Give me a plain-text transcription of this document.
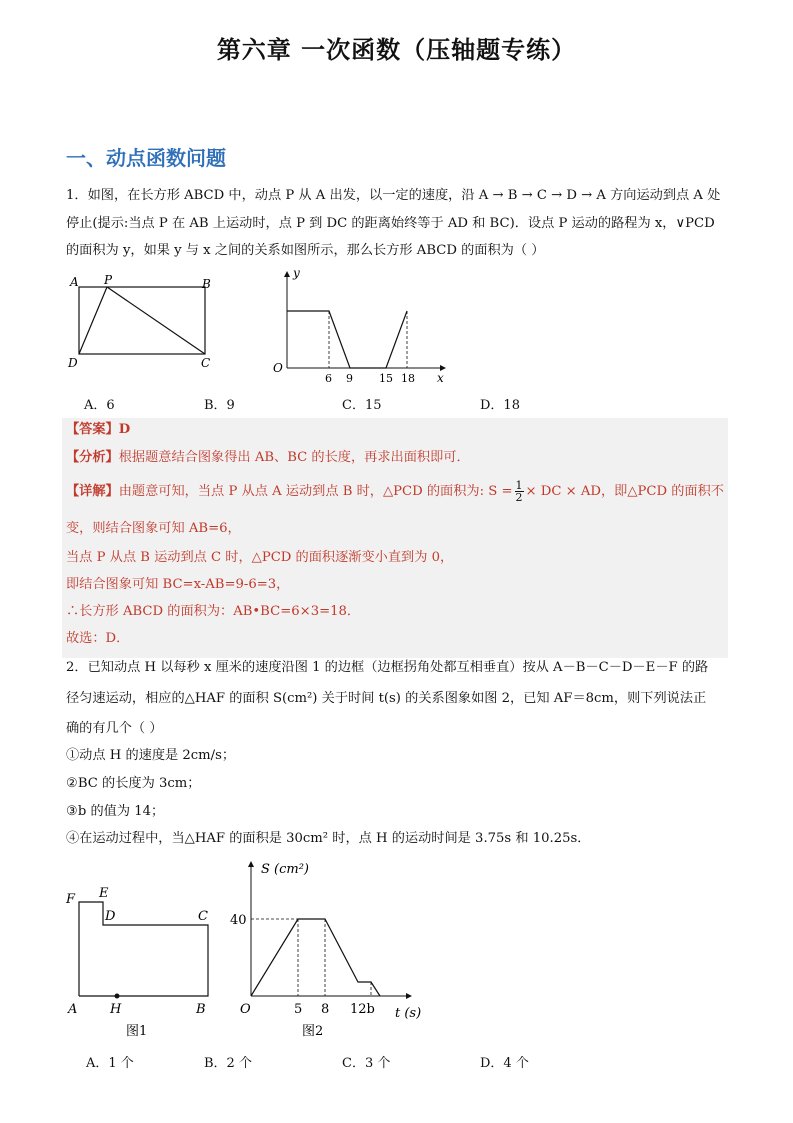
第六章 一次函数（压轴题专练）
一、动点函数问题
1．如图，在长方形 ABCD 中，动点 P 从 A 出发，以一定的速度，沿 A → B → C → D → A 方向运动到点 A 处
停止(提示:当点 P 在 AB 上运动时，点 P 到 DC 的距离始终等于 AD 和 BC)．设点 P 运动的路程为 x，∨PCD
的面积为 y，如果 y 与 x 之间的关系如图所示，那么长方形 ABCD 的面积为（ ）
A P	B
D	C
y
x
O
6 9 15 18
A．6	B．9	C．15	D．18
【答案】D
【分析】根据题意结合图象得出 AB、BC 的长度，再求出面积即可．
【详解】由题意可知，当点 P 从点 A 运动到点 B 时，△PCD 的面积为: $S = \frac{1}{2}$ × DC × AD，即△PCD 的面积不
变，则结合图象可知 AB=6，
当点 P 从点 B 运动到点 C 时，△PCD 的面积逐渐变小直到为 0，
即结合图象可知 BC=x-AB=9-6=3，
∴长方形 ABCD 的面积为：AB•BC=6×3=18．
故选：D．
2．已知动点 H 以每秒 x 厘米的速度沿图 1 的边框（边框拐角处都互相垂直）按从 A－B－C－D－E－F 的路
径匀速运动，相应的△HAF 的面积 S(cm²) 关于时间 t(s) 的关系图象如图 2，已知 AF＝8cm，则下列说法正
确的有几个（ ）
①动点 H 的速度是 2cm/s；
②BC 的长度为 3cm；
③b 的值为 14；
④在运动过程中，当△HAF 的面积是 30cm² 时，点 H 的运动时间是 3.75s 和 10.25s．
F E
D	C
A	H	B
图1
S (cm²)
40
O	5 8 12b t (s)
图2
A．1 个	B．2 个	C．3 个	D．4 个
